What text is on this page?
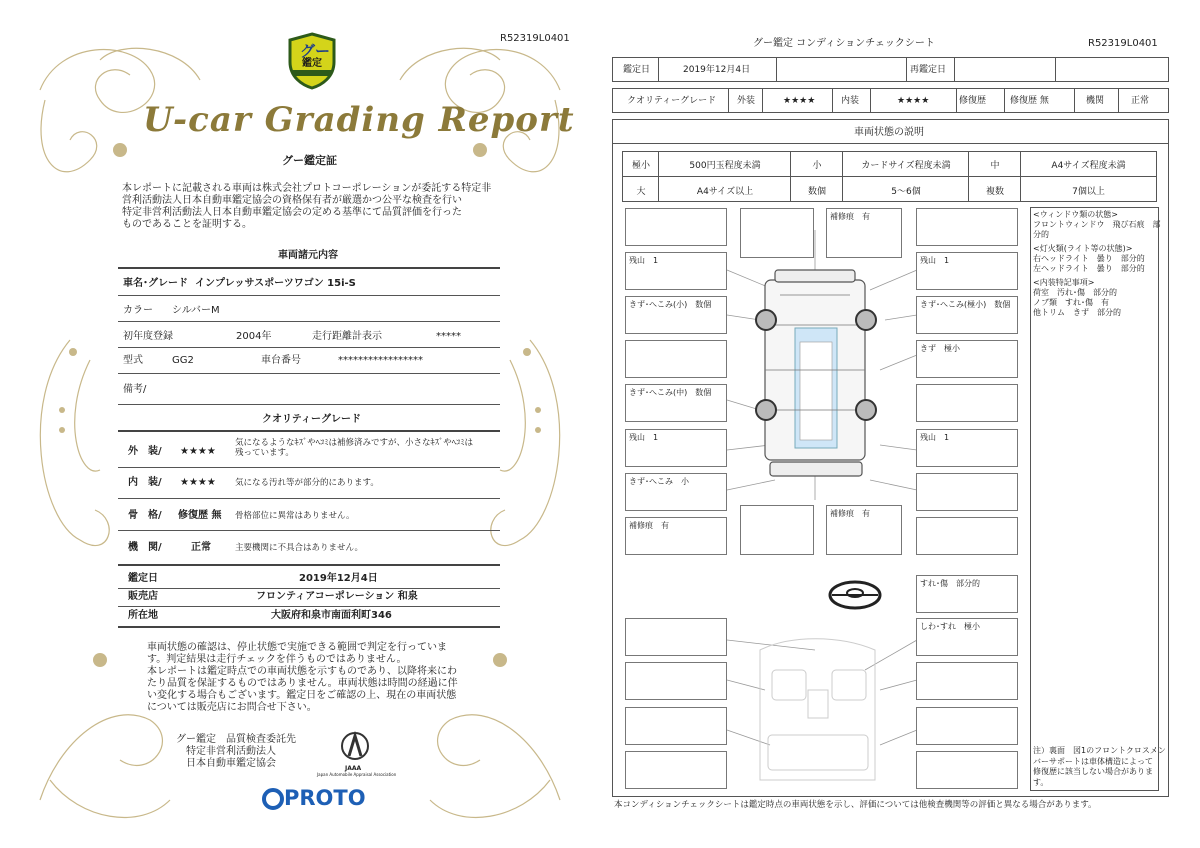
R52319L0401
グー
鑑定
U-car Grading Report
グー鑑定証
本レポートに記載される車両は株式会社プロトコーポレーションが委託する特定非
営利活動法人日本自動車鑑定協会の資格保有者が厳選かつ公平な検査を行い
特定非営利活動法人日本自動車鑑定協会の定める基準にて品質評価を行った
ものであることを証明する。
車両諸元内容
車名･グレード インプレッサスポーツワゴン 15i-S
カラー シルバーM
初年度登録	2004年	走行距離計表示	*****
型式	GG2	車台番号	*****************
備考/
クオリティーグレード
外　装/ ★★★★
気になるようなｷｽﾞやﾍｺﾐは補修済みですが、小さなｷｽﾞやﾍｺﾐは
残っています。
内　装/ ★★★★ 気になる汚れ等が部分的にあります。
骨　格/ 修復歴 無 骨格部位に異常はありません。
機　関/	正常	主要機関に不具合はありません。
鑑定日	2019年12月4日
販売店	フロンティアコーポレーション 和泉
所在地	大阪府和泉市南面利町346
車両状態の確認は、停止状態で実施できる範囲で判定を行っていま
す。判定結果は走行チェックを伴うものではありません。
本レポートは鑑定時点での車両状態を示すものであり、以降将来にわ
たり品質を保証するものではありません。車両状態は時間の経過に伴
い変化する場合もございます。鑑定日をご確認の上、現在の車両状態
については販売店にお問合せ下さい。
グー鑑定　品質検査委託先
特定非営利活動法人
日本自動車鑑定協会	JAAA
Japan Automobile Appraisal Association
PROTO
グー鑑定 コンディションチェックシート	R52319L0401
鑑定日	2019年12月4日	再鑑定日
クオリティーグレード 外装	★★★★	内装	★★★★	修復歴	修復歴 無	機関	正常
車両状態の説明
極小	500円玉程度未満	小	カードサイズ程度未満	中	A4サイズ程度未満
大	A4サイズ以上	数個	5〜6個	複数	7個以上
残山　1
きず･へこみ(小)　数個
きず･へこみ(中)　数個
残山　1
きず･へこみ　小
補修痕　有
補修痕　有
補修痕　有
残山　1
きず･へこみ(極小)　数個
きず　極小
残山　1
すれ･傷　部分的
しわ･すれ　極小
<ウィンドウ類の状態>
フロントウィンドウ　飛び石痕　部
分的
<灯火類(ライト等の状態)>
右ヘッドライト　曇り　部分的
左ヘッドライト　曇り　部分的
<内装特記事項>
荷室　汚れ･傷　部分的
ノブ類　すれ･傷　有
他トリム　きず　部分的
注）裏面　図1のフロントクロスメン
バーサポートは車体構造によって
修復歴に該当しない場合がありま
す。
本コンディションチェックシートは鑑定時点の車両状態を示し、評価については他検査機関等の評価と異なる場合があります。
